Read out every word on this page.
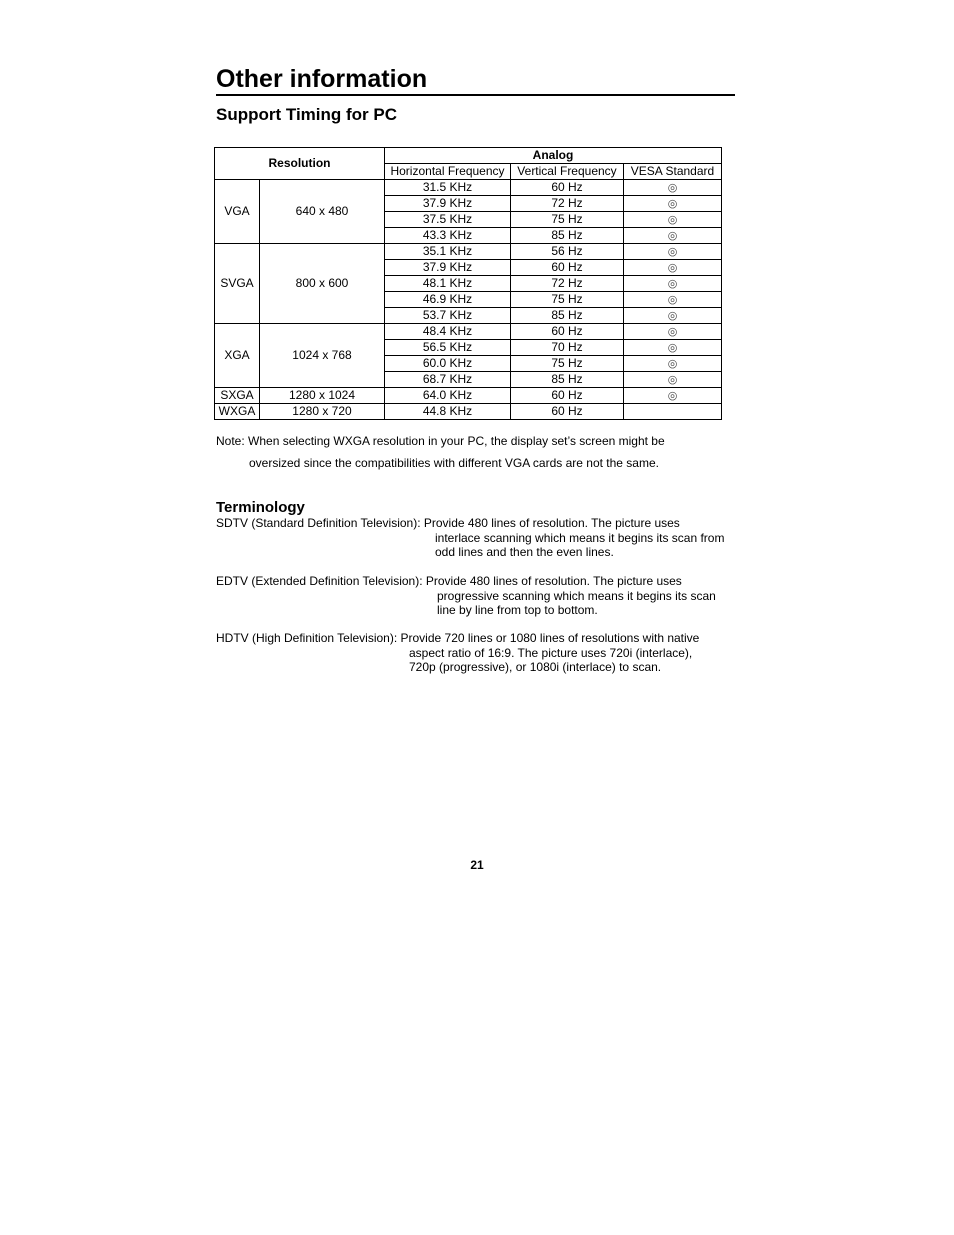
Other information
Support Timing for PC
Resolution		Analog		
		Horizontal Frequency	Vertical Frequency	VESA Standard
VGA	640 x 480	31.5 KHz	60 Hz	◎
		37.9 KHz	72 Hz	◎
		37.5 KHz	75 Hz	◎
		43.3 KHz	85 Hz	◎
SVGA	800 x 600	35.1 KHz	56 Hz	◎
		37.9 KHz	60 Hz	◎
		48.1 KHz	72 Hz	◎
		46.9 KHz	75 Hz	◎
		53.7 KHz	85 Hz	◎
XGA	1024 x 768	48.4 KHz	60 Hz	◎
		56.5 KHz	70 Hz	◎
		60.0 KHz	75 Hz	◎
		68.7 KHz	85 Hz	◎
SXGA	1280 x 1024	64.0 KHz	60 Hz	◎
WXGA	1280 x 720	44.8 KHz	60 Hz	

Note: When selecting WXGA resolution in your PC, the display set’s screen might be

oversized since the compatibilities with different VGA cards are not the same.

Terminology
SDTV (Standard Definition Television): Provide 480 lines of resolution. The picture uses
interlace scanning which means it begins its scan from
odd lines and then the even lines.
EDTV (Extended Definition Television): Provide 480 lines of resolution. The picture uses
progressive scanning which means it begins its scan
line by line from top to bottom.
HDTV (High Definition Television): Provide 720 lines or 1080 lines of resolutions with native
aspect ratio of 16:9. The picture uses 720i (interlace),
720p (progressive), or 1080i (interlace) to scan.
21
